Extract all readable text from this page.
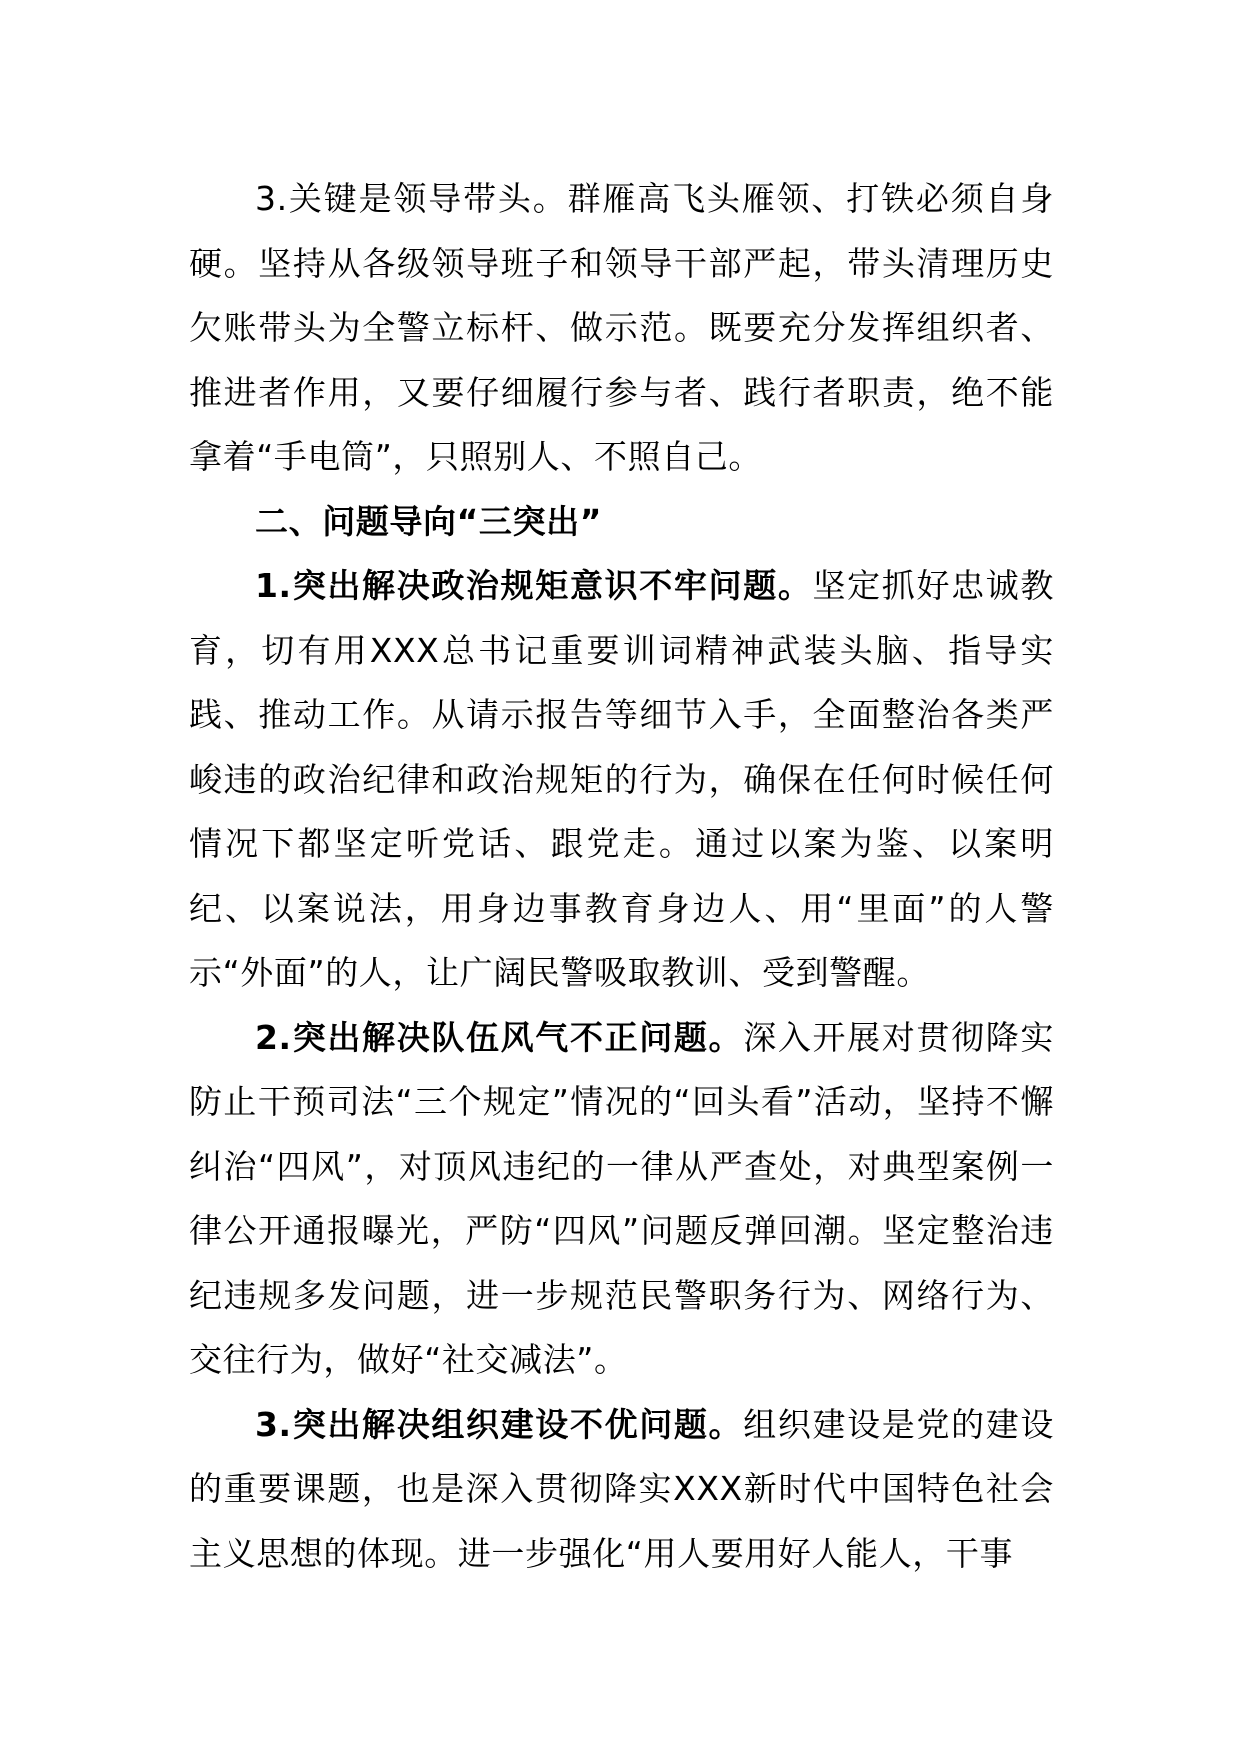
3.关键是领导带头。群雁高飞头雁领、打铁必须自身硬。坚持从各级领导班子和领导干部严起，带头清理历史欠账带头为全警立标杆、做示范。既要充分发挥组织者、推进者作用，又要仔细履行参与者、践行者职责，绝不能拿着“手电筒”，只照别人、不照自己。

二、问题导向“三突出”

1.突出解决政治规矩意识不牢问题。坚定抓好忠诚教育，切有用XXX总书记重要训词精神武装头脑、指导实践、推动工作。从请示报告等细节入手，全面整治各类严峻违的政治纪律和政治规矩的行为，确保在任何时候任何情况下都坚定听党话、跟党走。通过以案为鉴、以案明纪、以案说法，用身边事教育身边人、用“里面”的人警示“外面”的人，让广阔民警吸取教训、受到警醒。

2.突出解决队伍风气不正问题。深入开展对贯彻降实防止干预司法“三个规定”情况的“回头看”活动，坚持不懈纠治“四风”，对顶风违纪的一律从严查处，对典型案例一律公开通报曝光，严防“四风”问题反弹回潮。坚定整治违纪违规多发问题，进一步规范民警职务行为、网络行为、交往行为，做好“社交减法”。

3.突出解决组织建设不优问题。组织建设是党的建设的重要课题，也是深入贯彻降实XXX新时代中国特色社会主义思想的体现。进一步强化“用人要用好人能人，干事
